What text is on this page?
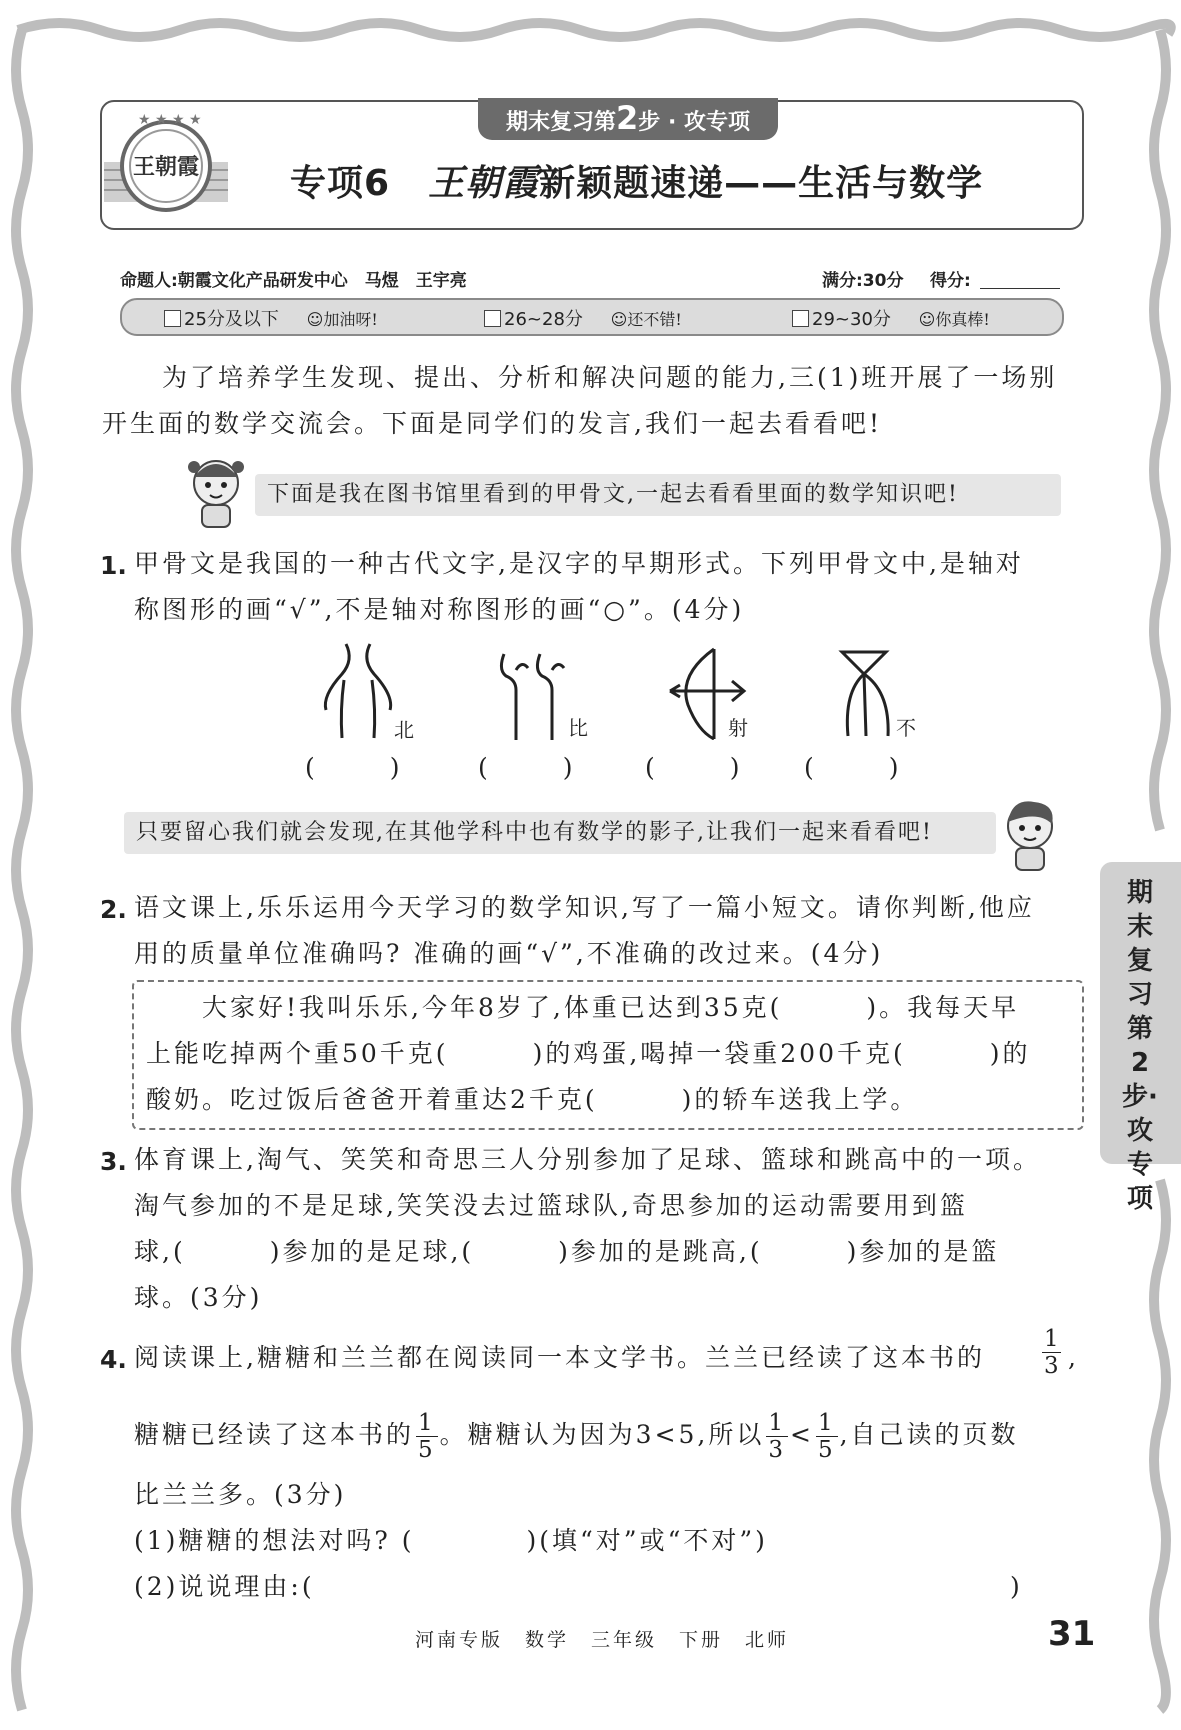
期末复习第2步 · 攻专项
★ ★ ★ ★
王朝霞	专项6 王朝霞新颖题速递——生活与数学
命题人:朝霞文化产品研发中心　马煜　王宇亮	满分:30分 得分:
25分及以下 ☺加油呀!	26~28分 ☺还不错!	29~30分 ☺你真棒!
为了培养学生发现、提出、分析和解决问题的能力,三(1)班开展了一场别
开生面的数学交流会。下面是同学们的发言,我们一起去看看吧!
下面是我在图书馆里看到的甲骨文,一起去看看里面的数学知识吧!
1. 甲骨文是我国的一种古代文字,是汉字的早期形式。下列甲骨文中,是轴对
称图形的画“√”,不是轴对称图形的画“○”。(4分)
北	比	射	不
(　　　)	(　　　)	(　　　)	(　　　)
只要留心我们就会发现,在其他学科中也有数学的影子,让我们一起来看看吧!
2. 语文课上,乐乐运用今天学习的数学知识,写了一篇小短文。请你判断,他应
用的质量单位准确吗? 准确的画“√”,不准确的改过来。(4分)
　　大家好!我叫乐乐,今年8岁了,体重已达到35克(　　　)。我每天早
上能吃掉两个重50千克(　　　)的鸡蛋,喝掉一袋重200千克(　　　)的
酸奶。吃过饭后爸爸开着重达2千克(　　　)的轿车送我上学。
3. 体育课上,淘气、笑笑和奇思三人分别参加了足球、篮球和跳高中的一项。
淘气参加的不是足球,笑笑没去过篮球队,奇思参加的运动需要用到篮
球,(　　　)参加的是足球,(　　　)参加的是跳高,(　　　)参加的是篮
球。(3分)
4. 阅读课上,糖糖和兰兰都在阅读同一本文学书。兰兰已经读了这本书的 $\frac{1}{3}$ ,
糖糖已经读了这本书的 $\frac{1}{5}$ 。糖糖认为因为3<5,所以 $\frac{1}{3} < \frac{1}{5}$ ,自己读的页数
比兰兰多。(3分)
(1)糖糖的想法对吗? (　　　　)(填“对”或“不对”)
(2)说说理由:(	)
期末复习第2步·攻专项
河南专版　数学　三年级　下册　北师	31
